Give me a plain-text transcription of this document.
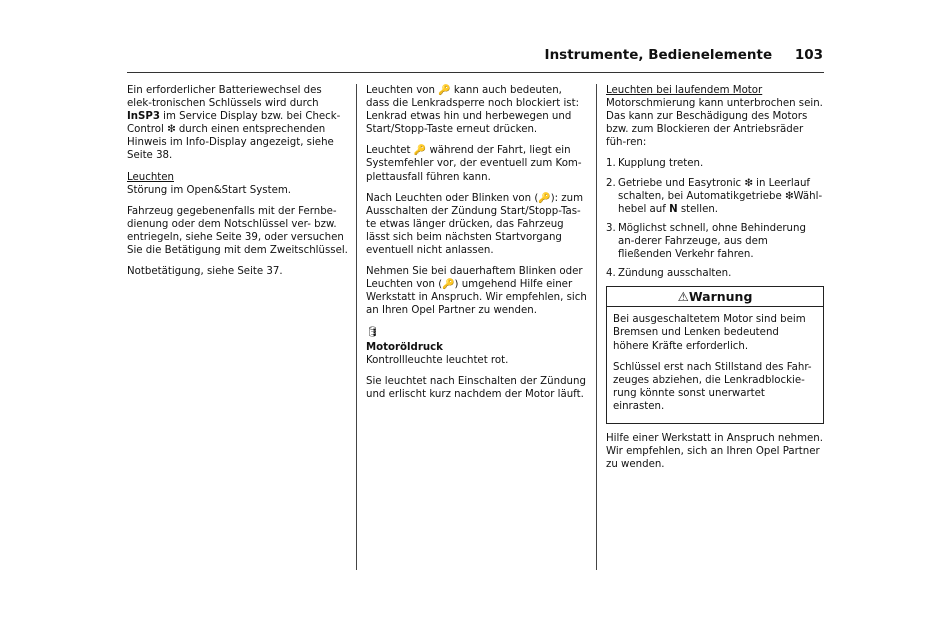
Instrumente, Bedienelemente 103

Ein erforderlicher Batteriewechsel des elek-tronischen Schlüssels wird durch InSP3 im Service Display bzw. bei Check-Control ❇ durch einen entsprechenden Hinweis im Info-Display angezeigt, siehe Seite 38.

Leuchten

Störung im Open&Start System.

Fahrzeug gegebenenfalls mit der Fernbe-dienung oder dem Notschlüssel ver- bzw. entriegeln, siehe Seite 39, oder versuchen Sie die Betätigung mit dem Zweitschlüssel.

Notbetätigung, siehe Seite 37.

Leuchten von 🔑 kann auch bedeuten, dass die Lenkradsperre noch blockiert ist: Lenkrad etwas hin und herbewegen und Start/Stopp-Taste erneut drücken.

Leuchtet 🔑 während der Fahrt, liegt ein Systemfehler vor, der eventuell zum Kom-plettausfall führen kann.

Nach Leuchten oder Blinken von (🔑): zum Ausschalten der Zündung Start/Stopp-Tas-te etwas länger drücken, das Fahrzeug lässt sich beim nächsten Startvorgang eventuell nicht anlassen.

Nehmen Sie bei dauerhaftem Blinken oder Leuchten von (🔑) umgehend Hilfe einer Werkstatt in Anspruch. Wir empfehlen, sich an Ihren Opel Partner zu wenden.

🛢
Motoröldruck

Kontrollleuchte leuchtet rot.

Sie leuchtet nach Einschalten der Zündung und erlischt kurz nachdem der Motor läuft.

Leuchten bei laufendem Motor

Motorschmierung kann unterbrochen sein. Das kann zur Beschädigung des Motors bzw. zum Blockieren der Antriebsräder füh-ren:

1. Kupplung treten.
2. Getriebe und Easytronic ❇ in Leerlauf schalten, bei Automatikgetriebe ❇Wähl-hebel auf N stellen.
3. Möglichst schnell, ohne Behinderung an-derer Fahrzeuge, aus dem fließenden Verkehr fahren.
4. Zündung ausschalten.
⚠Warnung

Bei ausgeschaltetem Motor sind beim Bremsen und Lenken bedeutend höhere Kräfte erforderlich.

Schlüssel erst nach Stillstand des Fahr-zeuges abziehen, die Lenkradblockie-rung könnte sonst unerwartet einrasten.

Hilfe einer Werkstatt in Anspruch nehmen. Wir empfehlen, sich an Ihren Opel Partner zu wenden.
